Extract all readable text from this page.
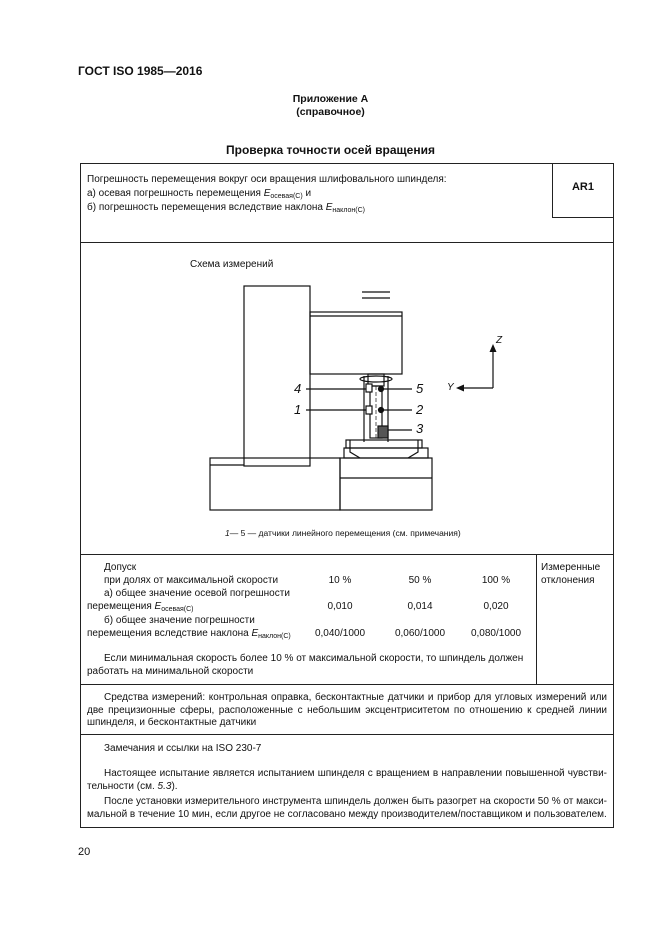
ГОСТ ISO 1985—2016
Приложение А
(справочное)
Проверка точности осей вращения
Погрешность перемещения вокруг оси вращения шлифовального шпинделя:
а) осевая погрешность перемещения $E_{осевая(C)}$ и
б) погрешность перемещения вследствие наклона $E_{наклон(C)}$
AR1
Схема измерений
Z
Y
4
1
5
2
3
1— 5 — датчики линейного перемещения (см. примечания)
Допуск
при долях от максимальной скорости	10 %	50 %	100 %
а) общее значение осевой погрешности
перемещения $E_{осевая(C)}$	0,010	0,014	0,020
б) общее значение погрешности
перемещения вследствие наклона $E_{наклон(C)}$	0,040/1000	0,060/1000	0,080/1000
Если минимальная скорость более 10 % от максимальной скорости, то шпиндель должен
работать на минимальной скорости
Измеренные
отклонения
Средства измерений: контрольная оправка, бесконтактные датчики и прибор для угловых измерений или две прецизионные сферы, расположенные с небольшим эксцентриситетом по отношению к средней линии шпинделя, и бесконтактные датчики
Замечания и ссылки на ISO 230-7
Настоящее испытание является испытанием шпинделя с вращением в направлении повышенной чувстви-тельности (см. 5.3).
После установки измерительного инструмента шпиндель должен быть разогрет на скорости 50 % от макси-мальной в течение 10 мин, если другое не согласовано между производителем/поставщиком и пользователем.
20
